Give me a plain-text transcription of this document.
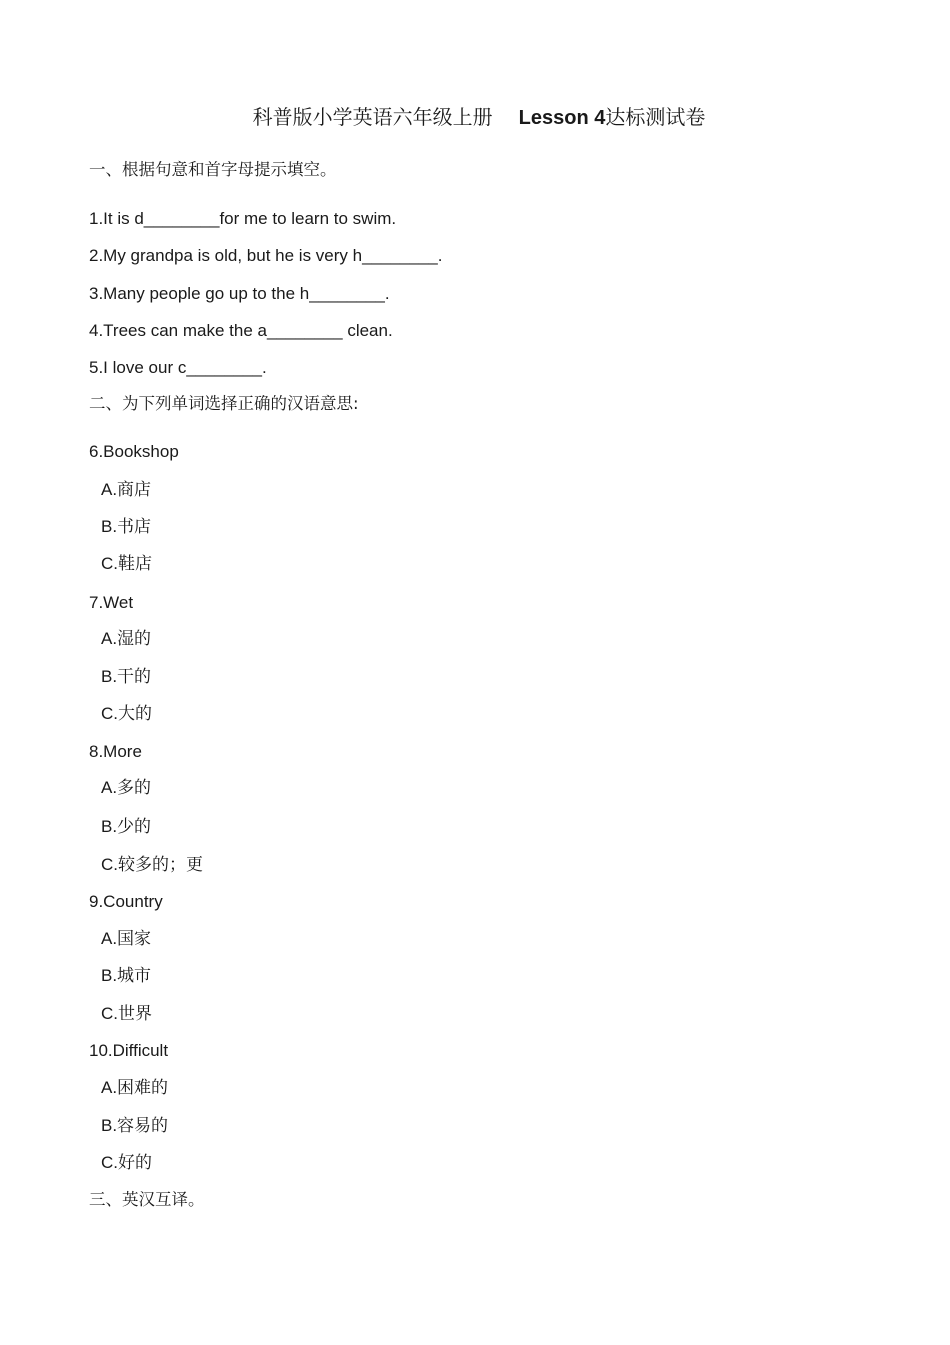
科普版小学英语六年级上册 Lesson 4达标测试卷
一、根据句意和首字母提示填空。
1.It is d________for me to learn to swim.
2.My grandpa is old, but he is very h________.
3.Many people go up to the h________.
4.Trees can make the a________ clean.
5.I love our c________.
二、为下列单词选择正确的汉语意思:
6.Bookshop
A.商店
B.书店
C.鞋店
7.Wet
A.湿的
B.干的
C.大的
8.More
A.多的
B.少的
C.较多的；更
9.Country
A.国家
B.城市
C.世界
10.Difficult
A.困难的
B.容易的
C.好的
三、英汉互译。
